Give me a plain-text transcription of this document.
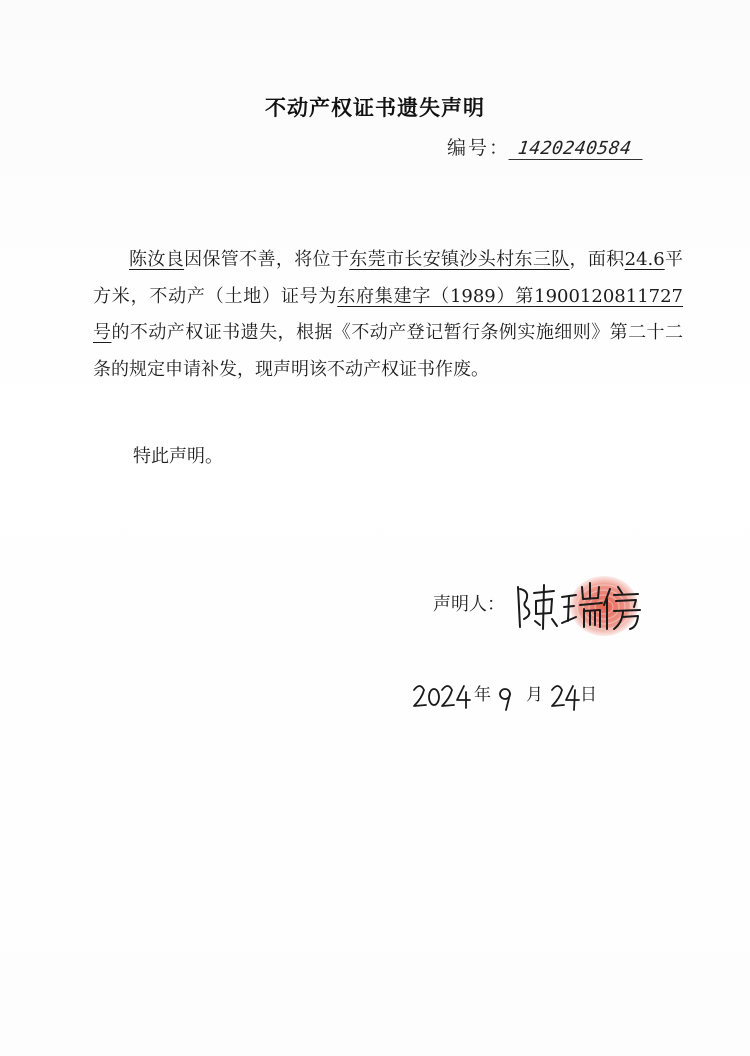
不动产权证书遗失声明
编号： 1420240584

陈汝良因保管不善，将位于东莞市长安镇沙头村东三队，面积24.6平方米，不动产（土地）证号为东府集建字（1989）第1900120811727号的不动产权证书遗失，根据《不动产登记暂行条例实施细则》第二十二条的规定申请补发，现声明该不动产权证书作废。

特此声明。

声明人：
年 月 日
